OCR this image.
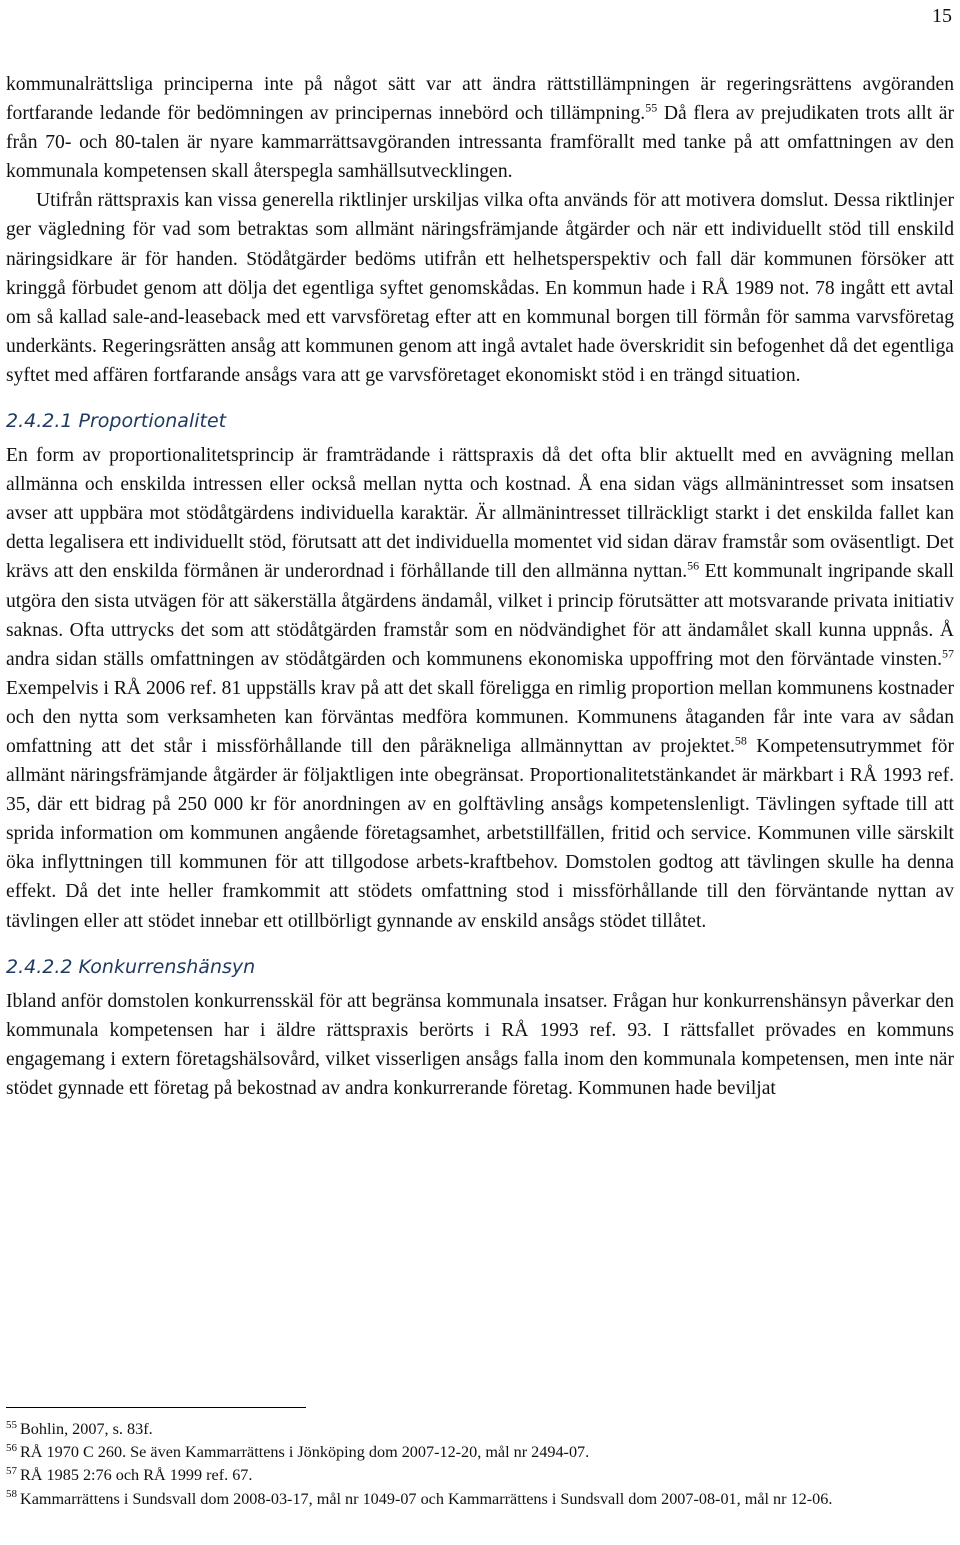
15

kommunalrättsliga principerna inte på något sätt var att ändra rättstillämpningen är regeringsrättens avgöranden fortfarande ledande för bedömningen av principernas innebörd och tillämpning.$^{55}$ Då flera av prejudikaten trots allt är från 70- och 80-talen är nyare kammarrättsavgöranden intressanta framförallt med tanke på att omfattningen av den kommunala kompetensen skall återspegla samhällsutvecklingen.

Utifrån rättspraxis kan vissa generella riktlinjer urskiljas vilka ofta används för att motivera domslut. Dessa riktlinjer ger vägledning för vad som betraktas som allmänt näringsfrämjande åtgärder och när ett individuellt stöd till enskild näringsidkare är för handen. Stödåtgärder bedöms utifrån ett helhetsperspektiv och fall där kommunen försöker att kringgå förbudet genom att dölja det egentliga syftet genomskådas. En kommun hade i RÅ 1989 not. 78 ingått ett avtal om så kallad sale-and-leaseback med ett varvsföretag efter att en kommunal borgen till förmån för samma varvsföretag underkänts. Regeringsrätten ansåg att kommunen genom att ingå avtalet hade överskridit sin befogenhet då det egentliga syftet med affären fortfarande ansågs vara att ge varvsföretaget ekonomiskt stöd i en trängd situation.

2.4.2.1 Proportionalitet

En form av proportionalitetsprincip är framträdande i rättspraxis då det ofta blir aktuellt med en avvägning mellan allmänna och enskilda intressen eller också mellan nytta och kostnad. Å ena sidan vägs allmänintresset som insatsen avser att uppbära mot stödåtgärdens individuella karaktär. Är allmänintresset tillräckligt starkt i det enskilda fallet kan detta legalisera ett individuellt stöd, förutsatt att det individuella momentet vid sidan därav framstår som oväsentligt. Det krävs att den enskilda förmånen är underordnad i förhållande till den allmänna nyttan.$^{56}$ Ett kommunalt ingripande skall utgöra den sista utvägen för att säkerställa åtgärdens ändamål, vilket i princip förutsätter att motsvarande privata initiativ saknas. Ofta uttrycks det som att stödåtgärden framstår som en nödvändighet för att ändamålet skall kunna uppnås. Å andra sidan ställs omfattningen av stödåtgärden och kommunens ekonomiska uppoffring mot den förväntade vinsten.$^{57}$ Exempelvis i RÅ 2006 ref. 81 uppställs krav på att det skall föreligga en rimlig proportion mellan kommunens kostnader och den nytta som verksamheten kan förväntas medföra kommunen. Kommunens åtaganden får inte vara av sådan omfattning att det står i missförhållande till den påräkneliga allmännyttan av projektet.$^{58}$ Kompetensutrymmet för allmänt näringsfrämjande åtgärder är följaktligen inte obegränsat. Proportionalitetstänkandet är märkbart i RÅ 1993 ref. 35, där ett bidrag på 250 000 kr för anordningen av en golftävling ansågs kompetenslenligt. Tävlingen syftade till att sprida information om kommunen angående företagsamhet, arbetstillfällen, fritid och service. Kommunen ville särskilt öka inflyttningen till kommunen för att tillgodose arbets-kraftbehov. Domstolen godtog att tävlingen skulle ha denna effekt. Då det inte heller framkommit att stödets omfattning stod i missförhållande till den förväntande nyttan av tävlingen eller att stödet innebar ett otillbörligt gynnande av enskild ansågs stödet tillåtet.

2.4.2.2 Konkurrenshänsyn

Ibland anför domstolen konkurrensskäl för att begränsa kommunala insatser. Frågan hur konkurrenshänsyn påverkar den kommunala kompetensen har i äldre rättspraxis berörts i RÅ 1993 ref. 93. I rättsfallet prövades en kommuns engagemang i extern företagshälsovård, vilket visserligen ansågs falla inom den kommunala kompetensen, men inte när stödet gynnade ett företag på bekostnad av andra konkurrerande företag. Kommunen hade beviljat

$^{55}$ Bohlin, 2007, s. 83f.

$^{56}$ RÅ 1970 C 260. Se även Kammarrättens i Jönköping dom 2007-12-20, mål nr 2494-07.

$^{57}$ RÅ 1985 2:76 och RÅ 1999 ref. 67.

$^{58}$ Kammarrättens i Sundsvall dom 2008-03-17, mål nr 1049-07 och Kammarrättens i Sundsvall dom 2007-08-01, mål nr 12-06.
